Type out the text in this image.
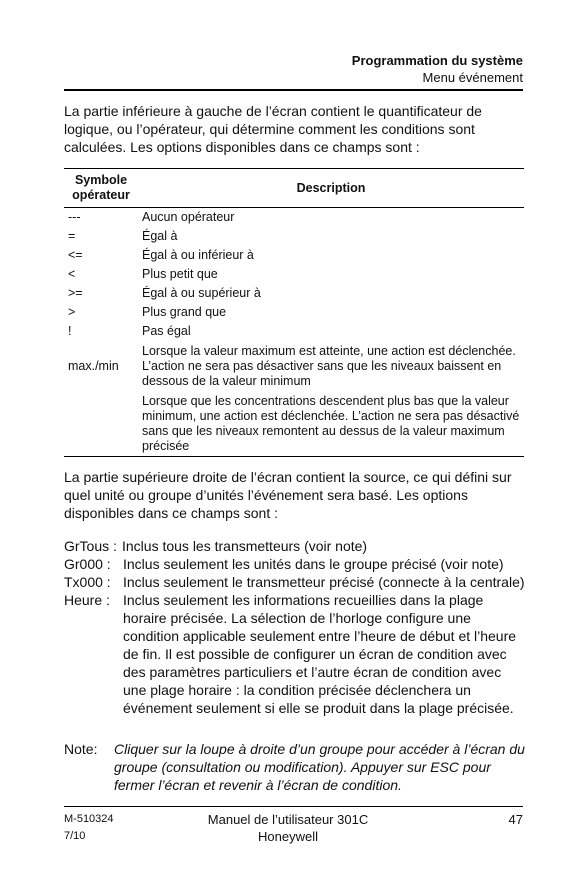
Programmation du système
Menu événement

La partie inférieure à gauche de l’écran contient le quantificateur de logique, ou l’opérateur, qui détermine comment les conditions sont calculées. Les options disponibles dans ce champs sont :

Symbole opérateur	Description
---	Aucun opérateur
=	Égal à
<=	Égal à ou inférieur à
<	Plus petit que
>=	Égal à ou supérieur à
>	Plus grand que
!	Pas égal
max./min	Lorsque la valeur maximum est atteinte, une action est déclenchée. L’action ne sera pas désactiver sans que les niveaux baissent en dessous de la valeur minimum
	Lorsque que les concentrations descendent plus bas que la valeur minimum, une action est déclenchée. L’action ne sera pas désactivé sans que les niveaux remontent au dessus de la valeur maximum précisée

La partie supérieure droite de l’écran contient la source, ce qui défini sur quel unité ou groupe d’unités l’événement sera basé. Les options disponibles dans ce champs sont :

GrTous : Inclus tous les transmetteurs (voir note)
Gr000 : Inclus seulement les unités dans le groupe précisé (voir note)
Tx000 : Inclus seulement le transmetteur précisé (connecte à la centrale)
Heure : Inclus seulement les informations recueillies dans la plage horaire précisée. La sélection de l’horloge configure une condition applicable seulement entre l’heure de début et l’heure de fin. Il est possible de configurer un écran de condition avec des paramètres particuliers et l’autre écran de condition avec une plage horaire : la condition précisée déclenchera un événement seulement si elle se produit dans la plage précisée.
Note:	Cliquer sur la loupe à droite d’un groupe pour accéder à l’écran du groupe (consultation ou modification). Appuyer sur ESC pour fermer l’écran et revenir à l’écran de condition.
M-510324
7/10
Manuel de l’utilisateur 301C
Honeywell
47
